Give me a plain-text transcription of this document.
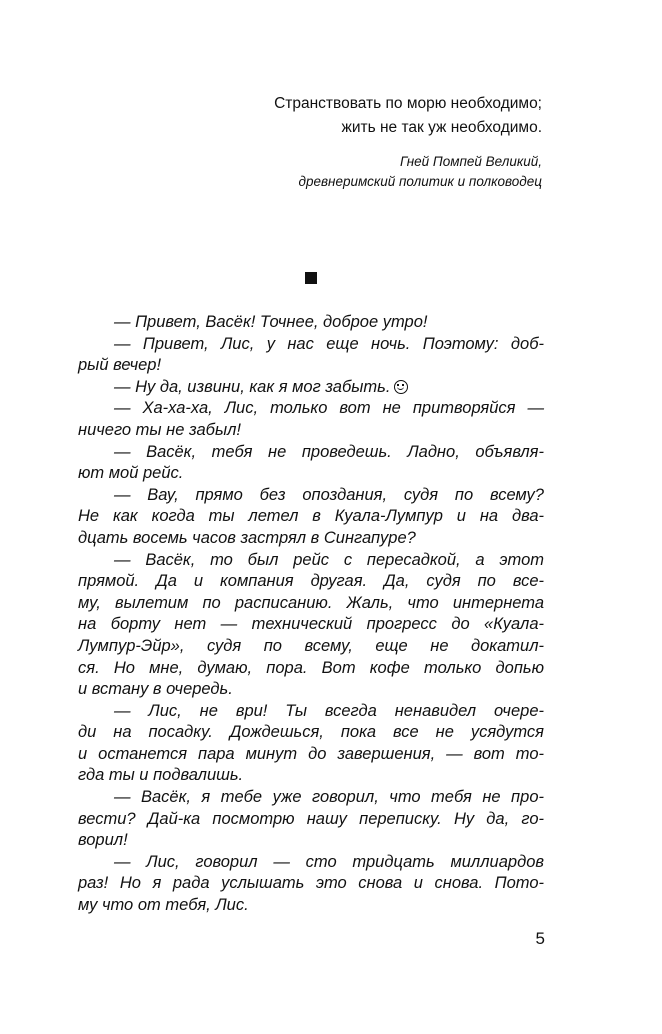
Странствовать по морю необходимо;

жить не так уж необходимо.

Гней Помпей Великий,

древнеримский политик и полководец

— Привет, Васёк! Точнее, доброе утро!
— Привет, Лис, у нас еще ночь. Поэтому: доб-
рый вечер!
— Ну да, извини, как я мог забыть.
— Ха-ха-ха, Лис, только вот не притворяйся —
ничего ты не забыл!
— Васёк, тебя не проведешь. Ладно, объявля-
ют мой рейс.
— Вау, прямо без опоздания, судя по всему?
Не как когда ты летел в Куала-Лумпур и на два-
дцать восемь часов застрял в Сингапуре?
— Васёк, то был рейс с пересадкой, а этот
прямой. Да и компания другая. Да, судя по все-
му, вылетим по расписанию. Жаль, что интернета
на борту нет — технический прогресс до «Куала-
Лумпур-Эйр», судя по всему, еще не докатил-
ся. Но мне, думаю, пора. Вот кофе только допью
и встану в очередь.
— Лис, не ври! Ты всегда ненавидел очере-
ди на посадку. Дождешься, пока все не усядутся
и останется пара минут до завершения, — вот то-
гда ты и подвалишь.
— Васёк, я тебе уже говорил, что тебя не про-
вести? Дай-ка посмотрю нашу переписку. Ну да, го-
ворил!
— Лис, говорил — сто тридцать миллиардов
раз! Но я рада услышать это снова и снова. Пото-
му что от тебя, Лис.
5
